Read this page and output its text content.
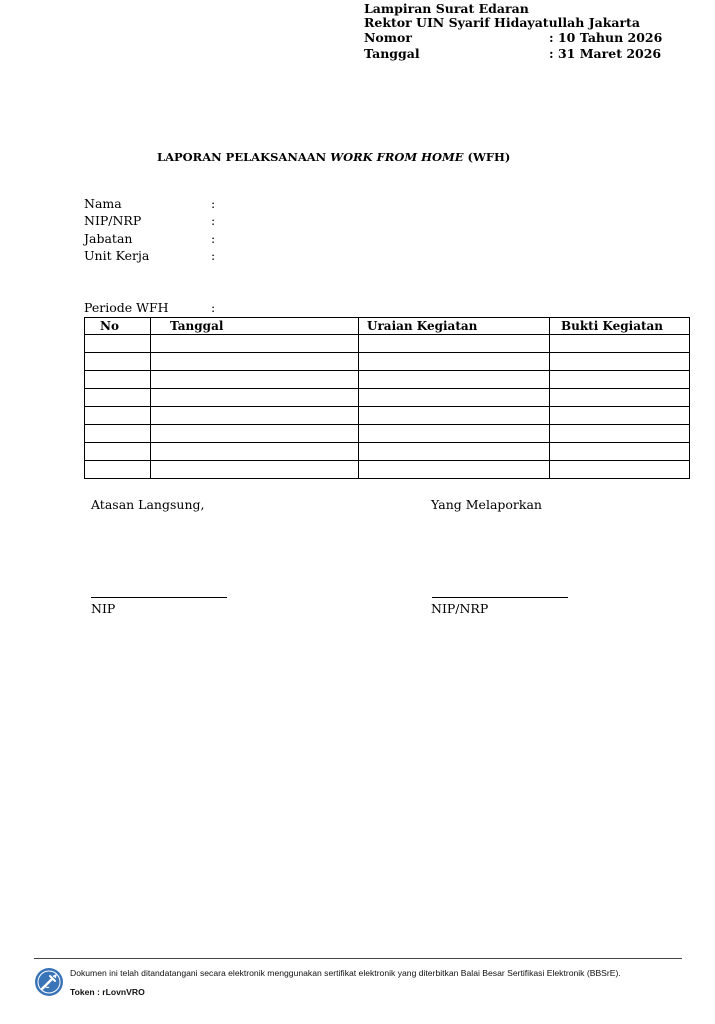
Lampiran Surat Edaran
Rektor UIN Syarif Hidayatullah Jakarta
Nomor	: 10 Tahun 2026
Tanggal	: 31 Maret 2026
LAPORAN PELAKSANAAN WORK FROM HOME (WFH)
Nama	:
NIP/NRP	:
Jabatan	:
Unit Kerja	:
Periode WFH	:
No	Tanggal	Uraian Kegiatan	Bukti Kegiatan

Atasan Langsung,	Yang Melaporkan
NIP	NIP/NRP
Dokumen ini telah ditandatangani secara elektronik menggunakan sertifikat elektronik yang diterbitkan Balai Besar Sertifikasi Elektronik (BBSrE).
Token : rLovnVRO
